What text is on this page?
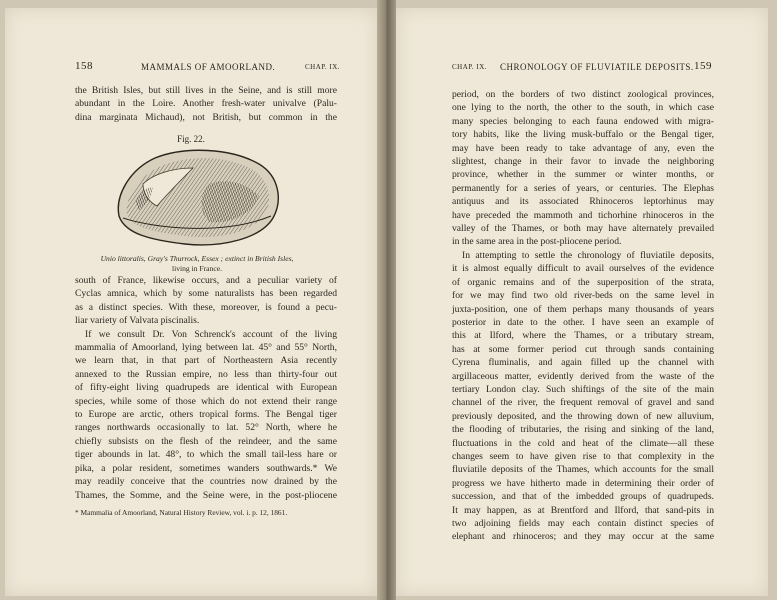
158	MAMMALS OF AMOORLAND.	CHAP. IX.
the British Isles, but still lives in the Seine, and is still more
abundant in the Loire. Another fresh-water univalve (Palu-
dina marginata Michaud), not British, but common in the
Fig. 22.
Unio littoralis, Gray's Thurrock, Essex ; extinct in British Isles,
living in France.
south of France, likewise occurs, and a peculiar variety of
Cyclas amnica, which by some naturalists has been regarded
as a distinct species. With these, moreover, is found a pecu-
liar variety of Valvata piscinalis.
If we consult Dr. Von Schrenck's account of the living
mammalia of Amoorland, lying between lat. 45° and 55° North,
we learn that, in that part of Northeastern Asia recently
annexed to the Russian empire, no less than thirty-four out
of fifty-eight living quadrupeds are identical with European
species, while some of those which do not extend their range
to Europe are arctic, others tropical forms. The Bengal tiger
ranges northwards occasionally to lat. 52° North, where he
chiefly subsists on the flesh of the reindeer, and the same
tiger abounds in lat. 48°, to which the small tail-less hare or
pika, a polar resident, sometimes wanders southwards.* We
may readily conceive that the countries now drained by the
Thames, the Somme, and the Seine were, in the post-pliocene
* Mammalia of Amoorland, Natural History Review, vol. i. p. 12, 1861.
CHAP. IX. CHRONOLOGY OF FLUVIATILE DEPOSITS. 159
period, on the borders of two distinct zoological provinces,
one lying to the north, the other to the south, in which case
many species belonging to each fauna endowed with migra-
tory habits, like the living musk-buffalo or the Bengal tiger,
may have been ready to take advantage of any, even the
slightest, change in their favor to invade the neighboring
province, whether in the summer or winter months, or
permanently for a series of years, or centuries. The Elephas
antiquus and its associated Rhinoceros leptorhinus may
have preceded the mammoth and tichorhine rhinoceros in the
valley of the Thames, or both may have alternately prevailed
in the same area in the post-pliocene period.
In attempting to settle the chronology of fluviatile deposits,
it is almost equally difficult to avail ourselves of the evidence
of organic remains and of the superposition of the strata,
for we may find two old river-beds on the same level in
juxta-position, one of them perhaps many thousands of years
posterior in date to the other. I have seen an example of
this at Ilford, where the Thames, or a tributary stream,
has at some former period cut through sands containing
Cyrena fluminalis, and again filled up the channel with
argillaceous matter, evidently derived from the waste of the
tertiary London clay. Such shiftings of the site of the main
channel of the river, the frequent removal of gravel and sand
previously deposited, and the throwing down of new alluvium,
the flooding of tributaries, the rising and sinking of the land,
fluctuations in the cold and heat of the climate—all these
changes seem to have given rise to that complexity in the
fluviatile deposits of the Thames, which accounts for the small
progress we have hitherto made in determining their order of
succession, and that of the imbedded groups of quadrupeds.
It may happen, as at Brentford and Ilford, that sand-pits in
two adjoining fields may each contain distinct species of
elephant and rhinoceros; and they may occur at the same
